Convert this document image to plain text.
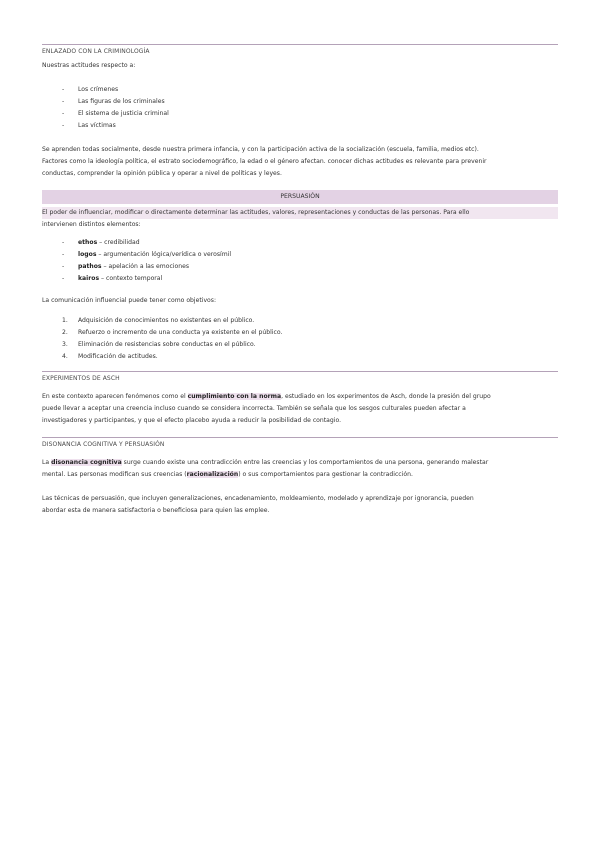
ENLAZADO CON LA CRIMINOLOGÍA

Nuestras actitudes respecto a:

- Los crímenes
- Las figuras de los criminales
- El sistema de justicia criminal
- Las víctimas

Se aprenden todas socialmente, desde nuestra primera infancia, y con la participación activa de la socialización (escuela, familia, medios etc).

Factores como la ideología política, el estrato sociodemográfico, la edad o el género afectan. conocer dichas actitudes es relevante para prevenir

conductas, comprender la opinión pública y operar a nivel de políticas y leyes.

PERSUASIÓN

El poder de influenciar, modificar o directamente determinar las actitudes, valores, representaciones y conductas de las personas. Para ello

intervienen distintos elementos:

- ethos – credibilidad
- logos – argumentación lógica/verídica o verosímil
- pathos – apelación a las emociones
- kairos – contexto temporal

La comunicación influencial puede tener como objetivos:

1. Adquisición de conocimientos no existentes en el público.
2. Refuerzo o incremento de una conducta ya existente en el público.
3. Eliminación de resistencias sobre conductas en el público.
4. Modificación de actitudes.
EXPERIMENTOS DE ASCH

En este contexto aparecen fenómenos como el cumplimiento con la norma, estudiado en los experimentos de Asch, donde la presión del grupo

puede llevar a aceptar una creencia incluso cuando se considera incorrecta. También se señala que los sesgos culturales pueden afectar a

investigadores y participantes, y que el efecto placebo ayuda a reducir la posibilidad de contagio.

DISONANCIA COGNITIVA Y PERSUASIÓN

La disonancia cognitiva surge cuando existe una contradicción entre las creencias y los comportamientos de una persona, generando malestar

mental. Las personas modifican sus creencias (racionalización) o sus comportamientos para gestionar la contradicción.

Las técnicas de persuasión, que incluyen generalizaciones, encadenamiento, moldeamiento, modelado y aprendizaje por ignorancia, pueden

abordar esta de manera satisfactoria o beneficiosa para quien las emplee.
